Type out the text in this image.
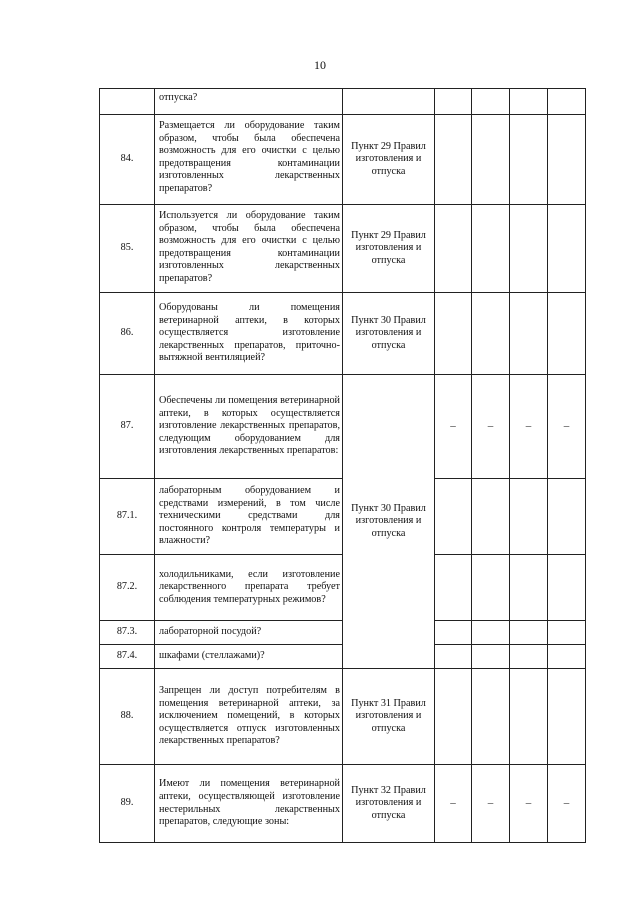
10
	отпуска?					
84.	Размещается ли оборудование таким образом, чтобы была обеспечена возможность для его очистки с целью предотвращения контаминации изготовленных лекарственных препаратов?	Пункт 29 Правил изготовления и отпуска				
85.	Используется ли оборудование таким образом, чтобы была обеспечена возможность для его очистки с целью предотвращения контаминации изготовленных лекарственных препаратов?	Пункт 29 Правил изготовления и отпуска				
86.	Оборудованы ли помещения ветеринарной аптеки, в которых осуществляется изготовление лекарственных препаратов, приточно-вытяжной вентиляцией?	Пункт 30 Правил изготовления и отпуска				
87.	Обеспечены ли помещения ветеринарной аптеки, в которых осуществляется изготовление лекарственных препаратов, следующим оборудованием для изготовления лекарственных препаратов:	Пункт 30 Правил изготовления и отпуска	–	–	–	–
87.1.	лабораторным оборудованием и средствами измерений, в том числе техническими средствами для постоянного контроля температуры и влажности?					
87.2.	холодильниками, если изготовление лекарственного препарата требует соблюдения температурных режимов?					
87.3.	лабораторной посудой?					
87.4.	шкафами (стеллажами)?					
88.	Запрещен ли доступ потребителям в помещения ветеринарной аптеки, за исключением помещений, в которых осуществляется отпуск изготовленных лекарственных препаратов?	Пункт 31 Правил изготовления и отпуска				
89.	Имеют ли помещения ветеринарной аптеки, осуществляющей изготовление нестерильных лекарственных препаратов, следующие зоны:	Пункт 32 Правил изготовления и отпуска	–	–	–	–
